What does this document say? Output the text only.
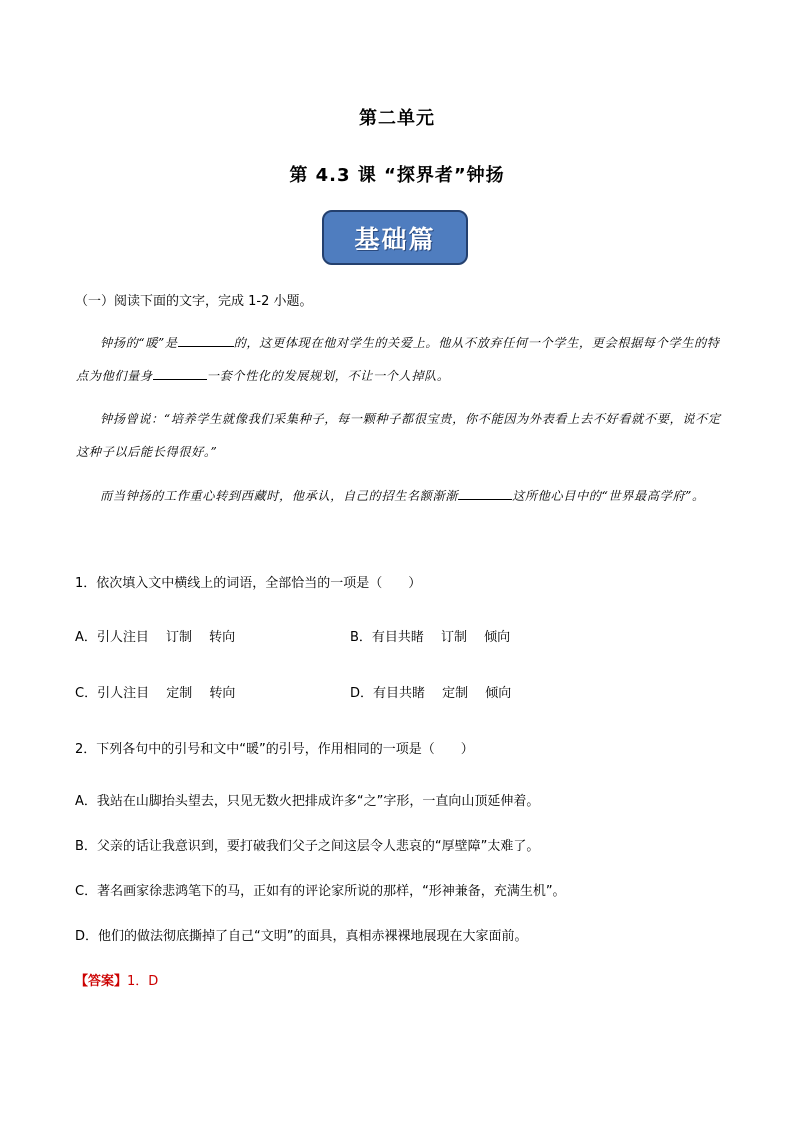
第二单元
第 4.3 课 “探界者”钟扬
基础篇
（一）阅读下面的文字，完成 1-2 小题。
钟扬的“暖”是	的，这更体现在他对学生的关爱上。他从不放弃任何一个学生，更会根据每个学生的特点为他们量身	一套个性化的发展规划，不让一个人掉队。
钟扬曾说：“培养学生就像我们采集种子，每一颗种子都很宝贵，你不能因为外表看上去不好看就不要，说不定这种子以后能长得很好。”
而当钟扬的工作重心转到西藏时，他承认，自己的招生名额渐渐	这所他心目中的“世界最高学府”。
1．依次填入文中横线上的词语，全部恰当的一项是（　　）
A．引人注目　 订制　 转向	B．有目共睹　 订制　 倾向
C．引人注目　 定制　 转向	D．有目共睹　 定制　 倾向
2．下列各句中的引号和文中“暖”的引号，作用相同的一项是（　　）
A．我站在山脚抬头望去，只见无数火把排成许多“之”字形，一直向山顶延伸着。
B．父亲的话让我意识到，要打破我们父子之间这层令人悲哀的“厚壁障”太难了。
C．著名画家徐悲鸿笔下的马，正如有的评论家所说的那样，“形神兼备，充满生机”。
D．他们的做法彻底撕掉了自己“文明”的面具，真相赤裸裸地展现在大家面前。
【答案】1．D
